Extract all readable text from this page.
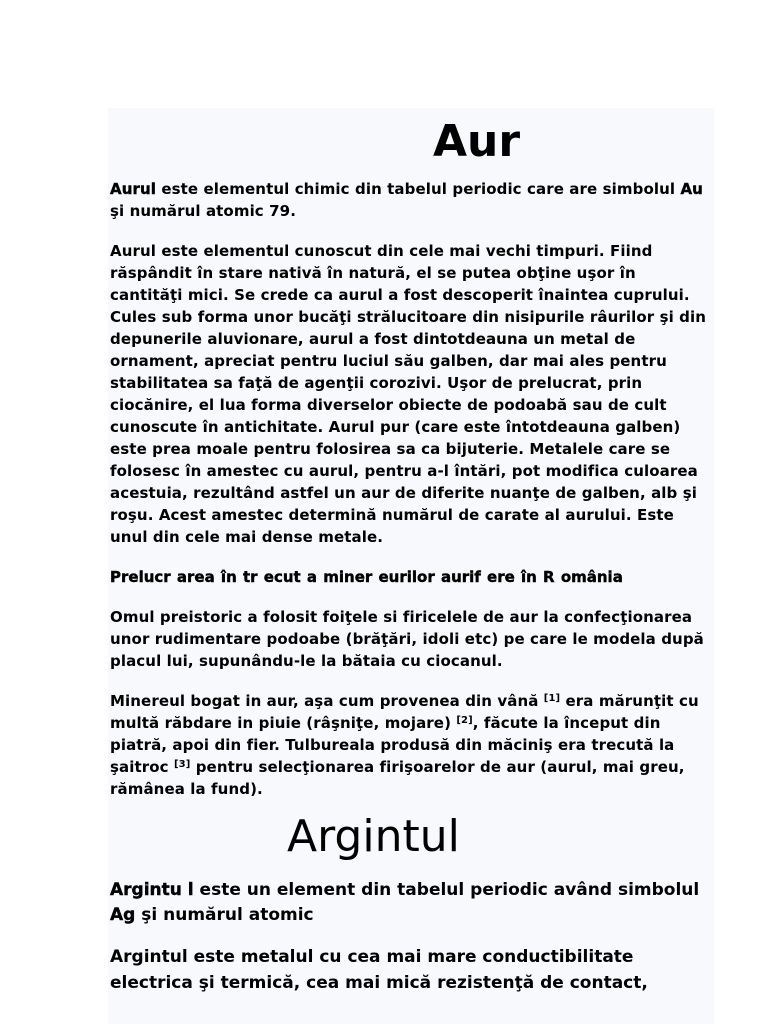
Aur

Aurul este elementul chimic din tabelul periodic care are simbolul Au şi numărul atomic 79.

Aurul este elementul cunoscut din cele mai vechi timpuri. Fiind răspândit în stare nativă în natură, el se putea obţine uşor în cantităţi mici. Se crede ca aurul a fost descoperit înaintea cuprului. Cules sub forma unor bucăţi strălucitoare din nisipurile râurilor şi din depunerile aluvionare, aurul a fost dintotdeauna un metal de ornament, apreciat pentru luciul său galben, dar mai ales pentru stabilitatea sa faţă de agenţii corozivi. Uşor de prelucrat, prin ciocănire, el lua forma diverselor obiecte de podoabă sau de cult cunoscute în antichitate. Aurul pur (care este întotdeauna galben) este prea moale pentru folosirea sa ca bijuterie. Metalele care se folosesc în amestec cu aurul, pentru a-l întări, pot modifica culoarea acestuia, rezultând astfel un aur de diferite nuanţe de galben, alb şi roşu. Acest amestec determină numărul de carate al aurului. Este unul din cele mai dense metale.

Prelucr area în tr ecut a miner eurilor aurif ere în R omânia

Omul preistoric a folosit foiţele si firicelele de aur la confecţionarea unor rudimentare podoabe (brăţări, idoli etc) pe care le modela după placul lui, supunându-le la bătaia cu ciocanul.

Minereul bogat in aur, aşa cum provenea din vână [1] era mărunţit cu multă răbdare in piuie (râşniţe, mojare) [2], făcute la început din piatră, apoi din fier. Tulbureala produsă din măciniş era trecută la şaitroc [3] pentru selecţionarea firişoarelor de aur (aurul, mai greu, rămânea la fund).

Argintul

Argintu l este un element din tabelul periodic având simbolul Ag şi numărul atomic

Argintul este metalul cu cea mai mare conductibilitate electrica şi termică, cea mai mică rezistenţă de contact,
